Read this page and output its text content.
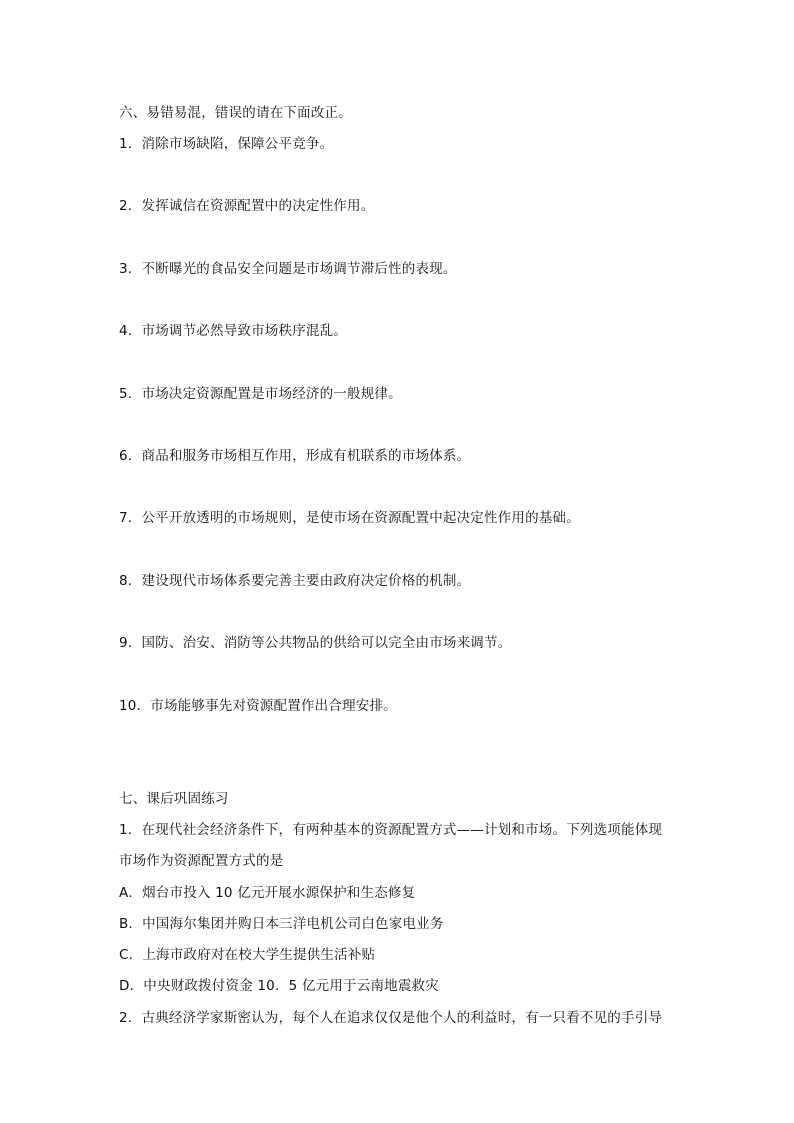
六、易错易混，错误的请在下面改正。
1．消除市场缺陷，保障公平竞争。
2．发挥诚信在资源配置中的决定性作用。
3．不断曝光的食品安全问题是市场调节滞后性的表现。
4．市场调节必然导致市场秩序混乱。
5．市场决定资源配置是市场经济的一般规律。
6．商品和服务市场相互作用，形成有机联系的市场体系。
7．公平开放透明的市场规则，是使市场在资源配置中起决定性作用的基础。
8．建设现代市场体系要完善主要由政府决定价格的机制。
9．国防、治安、消防等公共物品的供给可以完全由市场来调节。
10．市场能够事先对资源配置作出合理安排。
七、课后巩固练习
1．在现代社会经济条件下，有两种基本的资源配置方式——计划和市场。下列选项能体现
市场作为资源配置方式的是
A．烟台市投入 10 亿元开展水源保护和生态修复
B．中国海尔集团并购日本三洋电机公司白色家电业务
C．上海市政府对在校大学生提供生活补贴
D．中央财政拨付资金 10．5 亿元用于云南地震救灾
2．古典经济学家斯密认为，每个人在追求仅仅是他个人的利益时，有一只看不见的手引导
